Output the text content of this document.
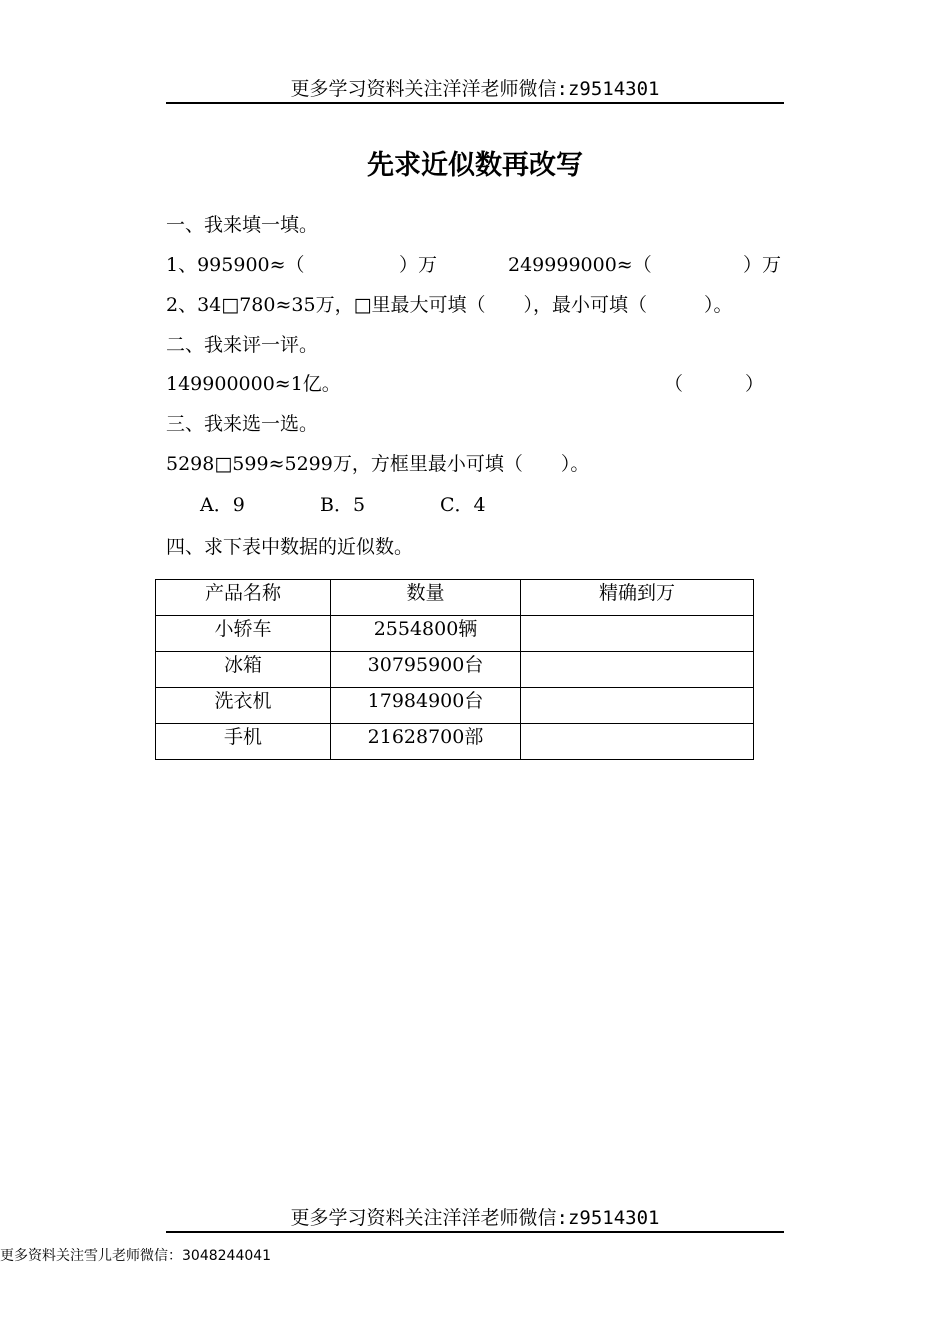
更多学习资料关注洋洋老师微信:z9514301
先求近似数再改写
一、我来填一填。
1、995900≈（	）万	249999000≈（	）万
2、34□780≈35万，□里最大可填（　　），最小可填（　　　）。
二、我来评一评。
149900000≈1亿。	（	）
三、我来选一选。
5298□599≈5299万，方框里最小可填（　　）。
A．9	B．5	C．4
四、求下表中数据的近似数。
产品名称	数量	精确到万
小轿车	2554800辆	
冰箱	30795900台	
洗衣机	17984900台	
手机	21628700部	
更多学习资料关注洋洋老师微信:z9514301
更多资料关注雪儿老师微信：3048244041
